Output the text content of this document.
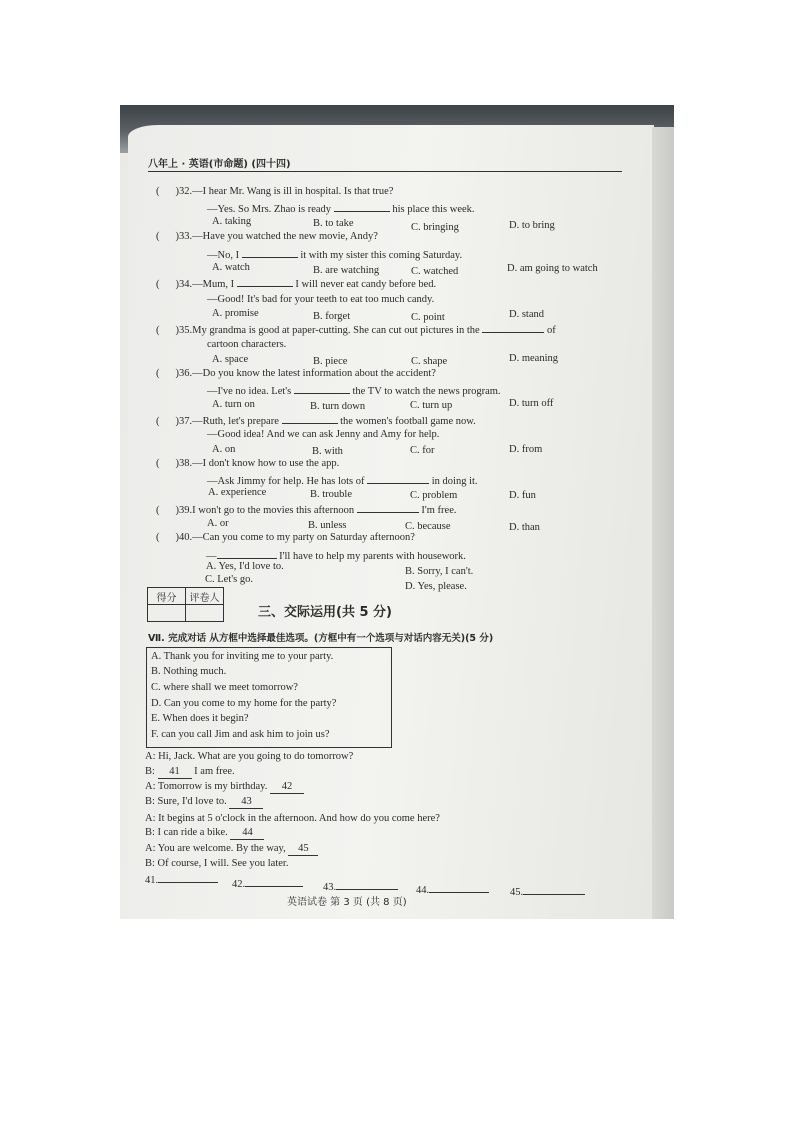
八年上 · 英语(市命题) (四十四)
( )32.—I hear Mr. Wang is ill in hospital. Is that true?
—Yes. So Mrs. Zhao is ready	his place this week.
A. taking	B. to take	C. bringing	D. to bring
( )33.—Have you watched the new movie, Andy?
—No, I	it with my sister this coming Saturday.
A. watch	B. are watching	C. watched	D. am going to watch
( )34.—Mum, I	I will never eat candy before bed.
—Good! It's bad for your teeth to eat too much candy.
A. promise	B. forget	C. point	D. stand
( )35.My grandma is good at paper-cutting. She can cut out pictures in the	of
cartoon characters.
A. space	B. piece	C. shape	D. meaning
( )36.—Do you know the latest information about the accident?
—I've no idea. Let's	the TV to watch the news program.
A. turn on	B. turn down	C. turn up	D. turn off
( )37.—Ruth, let's prepare	the women's football game now.
—Good idea! And we can ask Jenny and Amy for help.
A. on	B. with	C. for	D. from
( )38.—I don't know how to use the app.
—Ask Jimmy for help. He has lots of	in doing it.
A. experience	B. trouble	C. problem	D. fun
( )39.I won't go to the movies this afternoon	I'm free.
A. or	B. unless	C. because	D. than
( )40.—Can you come to my party on Saturday afternoon?
—	I'll have to help my parents with housework.
A. Yes, I'd love to.	B. Sorry, I can't.
C. Let's go.
D. Yes, please.
得分	评卷人

三、交际运用(共 5 分)
Ⅶ. 完成对话 从方框中选择最佳选项。(方框中有一个选项与对话内容无关)(5 分)
A. Thank you for inviting me to your party.
B. Nothing much.
C. where shall we meet tomorrow?
D. Can you come to my home for the party?
E. When does it begin?
F. can you call Jim and ask him to join us?
A: Hi, Jack. What are you going to do tomorrow?
B: 41 I am free.
A: Tomorrow is my birthday. 42
B: Sure, I'd love to. 43
A: It begins at 5 o'clock in the afternoon. And how do you come here?
B: I can ride a bike. 44
A: You are welcome. By the way, 45
B: Of course, I will. See you later.
41.	42.	43.	44.	45.
英语试卷 第 3 页 (共 8 页)
